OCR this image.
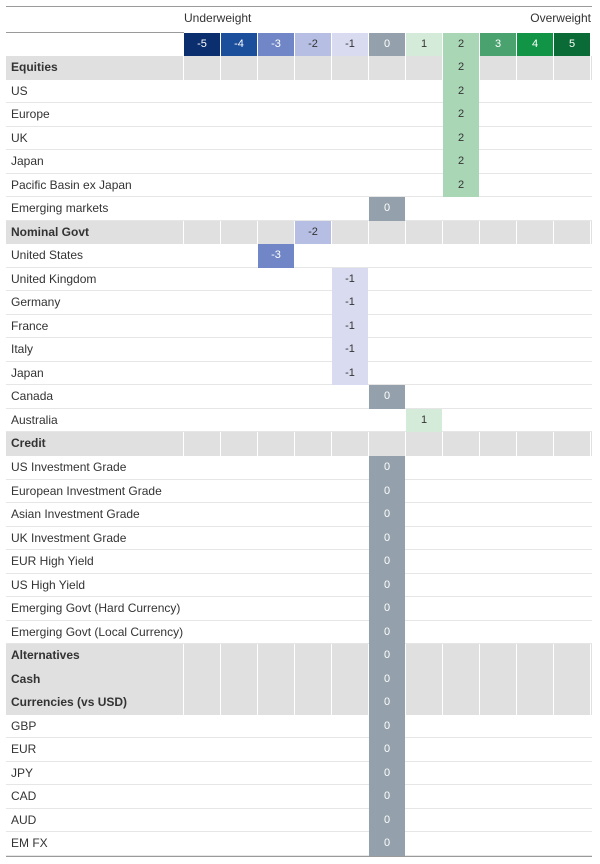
Underweight	Overweight
-5	-4	-3	-2	-1	0	1	2	3	4	5
Equities	2
US	2
Europe	2
UK	2
Japan	2
Pacific Basin ex Japan	2
Emerging markets	0
Nominal Govt	-2
United States	-3
United Kingdom	-1
Germany	-1
France	-1
Italy	-1
Japan	-1
Canada	0
Australia	1
Credit
US Investment Grade	0
European Investment Grade	0
Asian Investment Grade	0
UK Investment Grade	0
EUR High Yield	0
US High Yield	0
Emerging Govt (Hard Currency)	0
Emerging Govt (Local Currency)	0
Alternatives	0
Cash	0
Currencies (vs USD)	0
GBP	0
EUR	0
JPY	0
CAD	0
AUD	0
EM FX	0
